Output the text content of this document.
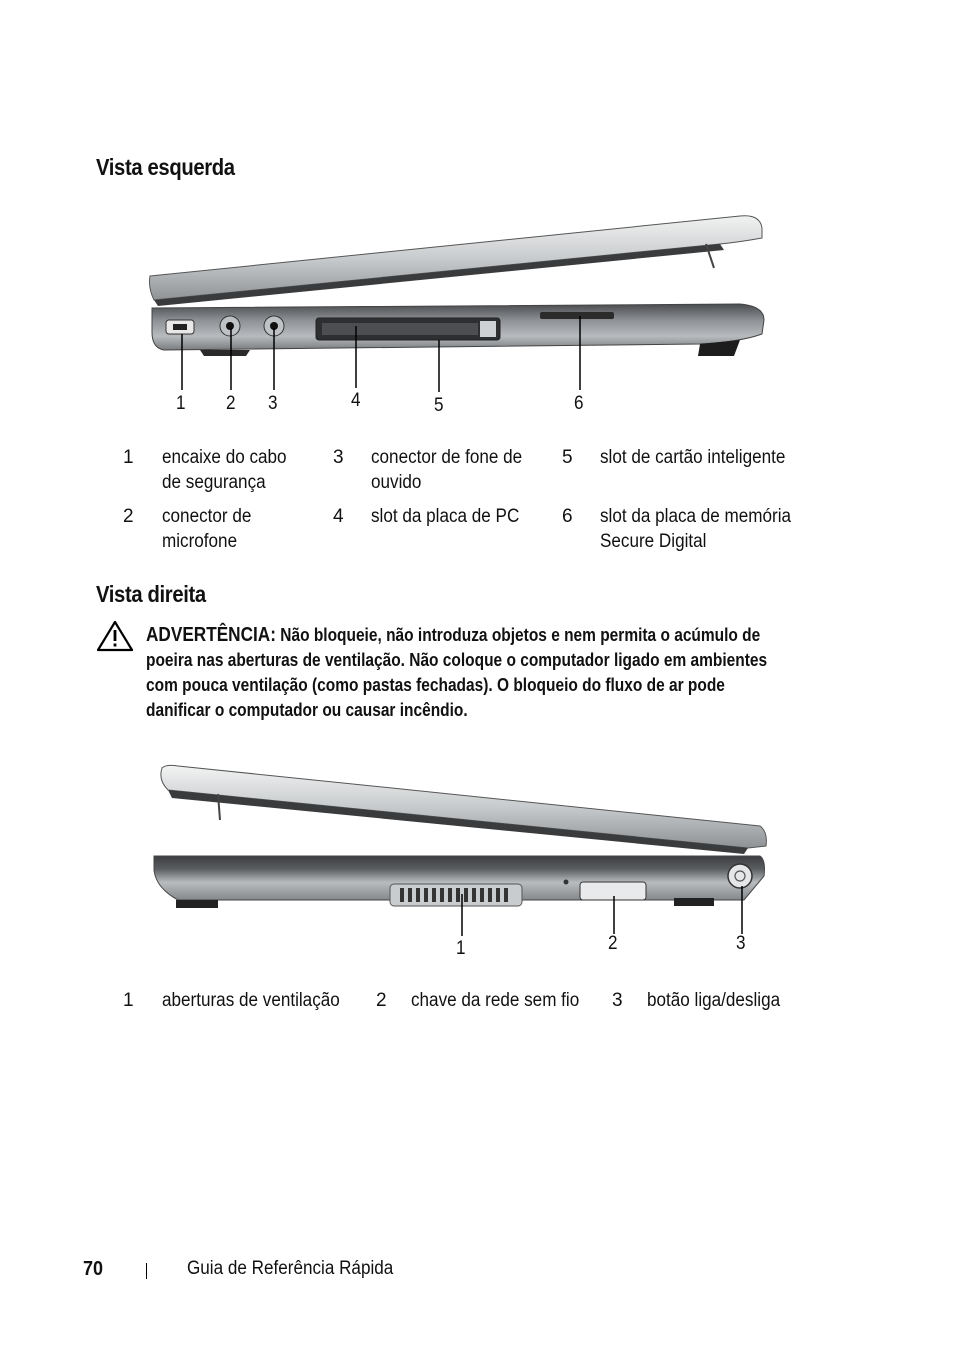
Vista esquerda
1 2 3	4	5	6
1 encaixe do cabo
de segurança
2 conector de
microfone
3 conector de fone de
ouvido
4 slot da placa de PC
5 slot de cartão inteligente
6 slot da placa de memória
Secure Digital
Vista direita
ADVERTÊNCIA: Não bloqueie, não introduza objetos e nem permita o acúmulo de
poeira nas aberturas de ventilação. Não coloque o computador ligado em ambientes
com pouca ventilação (como pastas fechadas). O bloqueio do fluxo de ar pode
danificar o computador ou causar incêndio.
1	2	3
1 aberturas de ventilação 2 chave da rede sem fio 3 botão liga/desliga
70	Guia de Referência Rápida
